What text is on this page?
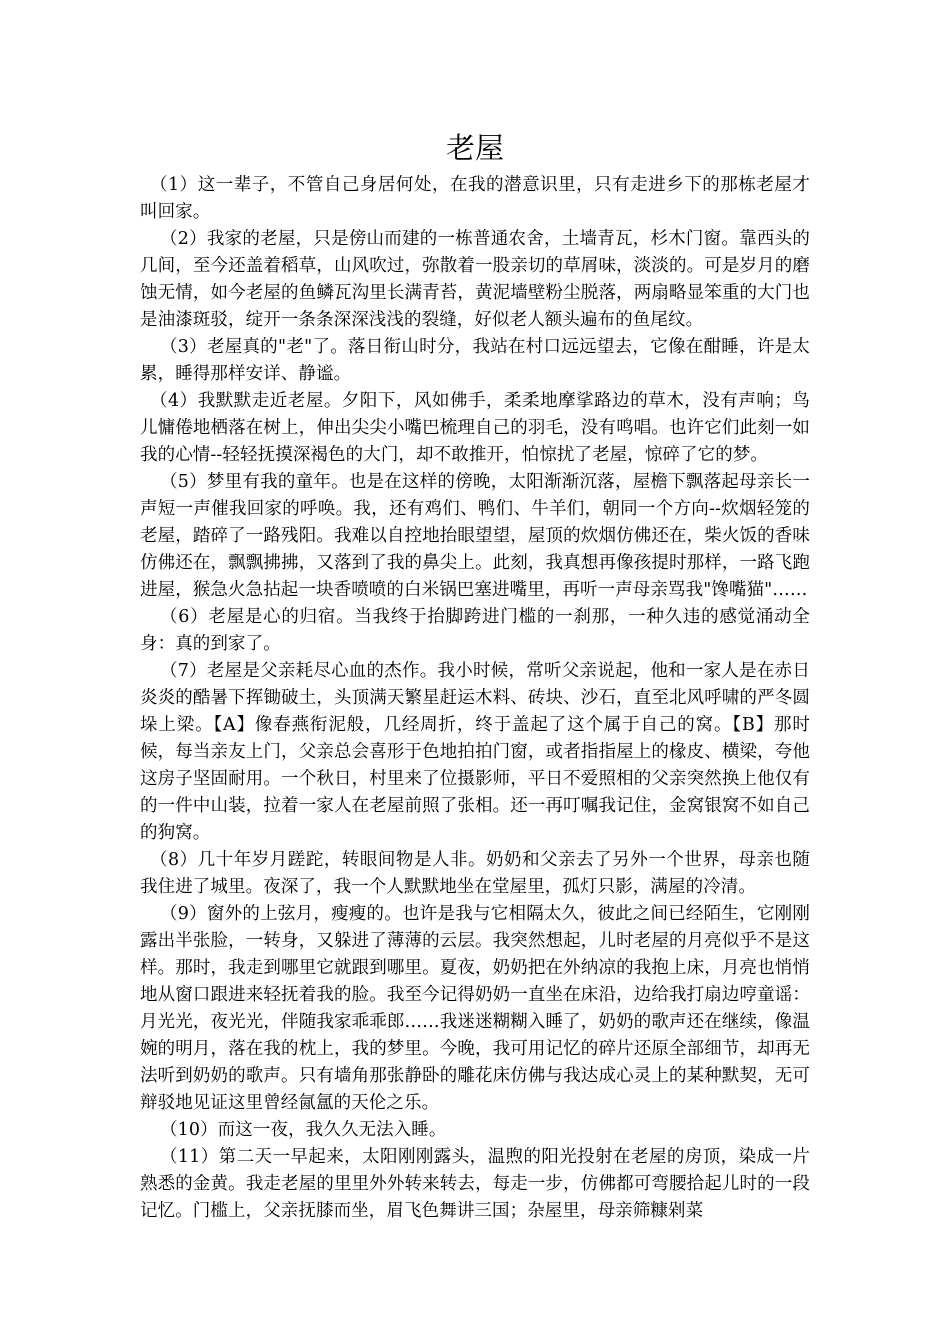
老屋

（1）这一辈子，不管自己身居何处，在我的潜意识里，只有走进乡下的那栋老屋才叫回家。

（2）我家的老屋，只是傍山而建的一栋普通农舍，土墙青瓦，杉木门窗。靠西头的几间，至今还盖着稻草，山风吹过，弥散着一股亲切的草屑味，淡淡的。可是岁月的磨蚀无情，如今老屋的鱼鳞瓦沟里长满青苔，黄泥墙壁粉尘脱落，两扇略显笨重的大门也是油漆斑驳，绽开一条条深深浅浅的裂缝，好似老人额头遍布的鱼尾纹。

（3）老屋真的"老"了。落日衔山时分，我站在村口远远望去，它像在酣睡，许是太累，睡得那样安详、静谧。

（4）我默默走近老屋。夕阳下，风如佛手，柔柔地摩挲路边的草木，没有声响；鸟儿慵倦地栖落在树上，伸出尖尖小嘴巴梳理自己的羽毛，没有鸣唱。也许它们此刻一如我的心情--轻轻抚摸深褐色的大门，却不敢推开，怕惊扰了老屋，惊碎了它的梦。

（5）梦里有我的童年。也是在这样的傍晚，太阳渐渐沉落，屋檐下飘落起母亲长一声短一声催我回家的呼唤。我，还有鸡们、鸭们、牛羊们，朝同一个方向--炊烟轻笼的老屋，踏碎了一路残阳。我难以自控地抬眼望望，屋顶的炊烟仿佛还在，柴火饭的香味仿佛还在，飘飘拂拂，又落到了我的鼻尖上。此刻，我真想再像孩提时那样，一路飞跑进屋，猴急火急拈起一块香喷喷的白米锅巴塞进嘴里，再听一声母亲骂我"馋嘴猫"……

（6）老屋是心的归宿。当我终于抬脚跨进门槛的一刹那，一种久违的感觉涌动全身：真的到家了。

（7）老屋是父亲耗尽心血的杰作。我小时候，常听父亲说起，他和一家人是在赤日炎炎的酷暑下挥锄破土，头顶满天繁星赶运木料、砖块、沙石，直至北风呼啸的严冬圆垛上梁。【A】像春燕衔泥般，几经周折，终于盖起了这个属于自己的窝。【B】那时候，每当亲友上门，父亲总会喜形于色地拍拍门窗，或者指指屋上的椽皮、横梁，夸他这房子坚固耐用。一个秋日，村里来了位摄影师，平日不爱照相的父亲突然换上他仅有的一件中山装，拉着一家人在老屋前照了张相。还一再叮嘱我记住，金窝银窝不如自己的狗窝。

（8）几十年岁月蹉跎，转眼间物是人非。奶奶和父亲去了另外一个世界，母亲也随我住进了城里。夜深了，我一个人默默地坐在堂屋里，孤灯只影，满屋的冷清。

（9）窗外的上弦月，瘦瘦的。也许是我与它相隔太久，彼此之间已经陌生，它刚刚露出半张脸，一转身，又躲进了薄薄的云层。我突然想起，儿时老屋的月亮似乎不是这样。那时，我走到哪里它就跟到哪里。夏夜，奶奶把在外纳凉的我抱上床，月亮也悄悄地从窗口跟进来轻抚着我的脸。我至今记得奶奶一直坐在床沿，边给我打扇边哼童谣：月光光，夜光光，伴随我家乖乖郎……我迷迷糊糊入睡了，奶奶的歌声还在继续，像温婉的明月，落在我的枕上，我的梦里。今晚，我可用记忆的碎片还原全部细节，却再无法听到奶奶的歌声。只有墙角那张静卧的雕花床仿佛与我达成心灵上的某种默契，无可辩驳地见证这里曾经氤氲的天伦之乐。

（10）而这一夜，我久久无法入睡。

（11）第二天一早起来，太阳刚刚露头，温煦的阳光投射在老屋的房顶，染成一片熟悉的金黄。我走老屋的里里外外转来转去，每走一步，仿佛都可弯腰拾起儿时的一段记忆。门槛上，父亲抚膝而坐，眉飞色舞讲三国；杂屋里，母亲筛糠剁菜
